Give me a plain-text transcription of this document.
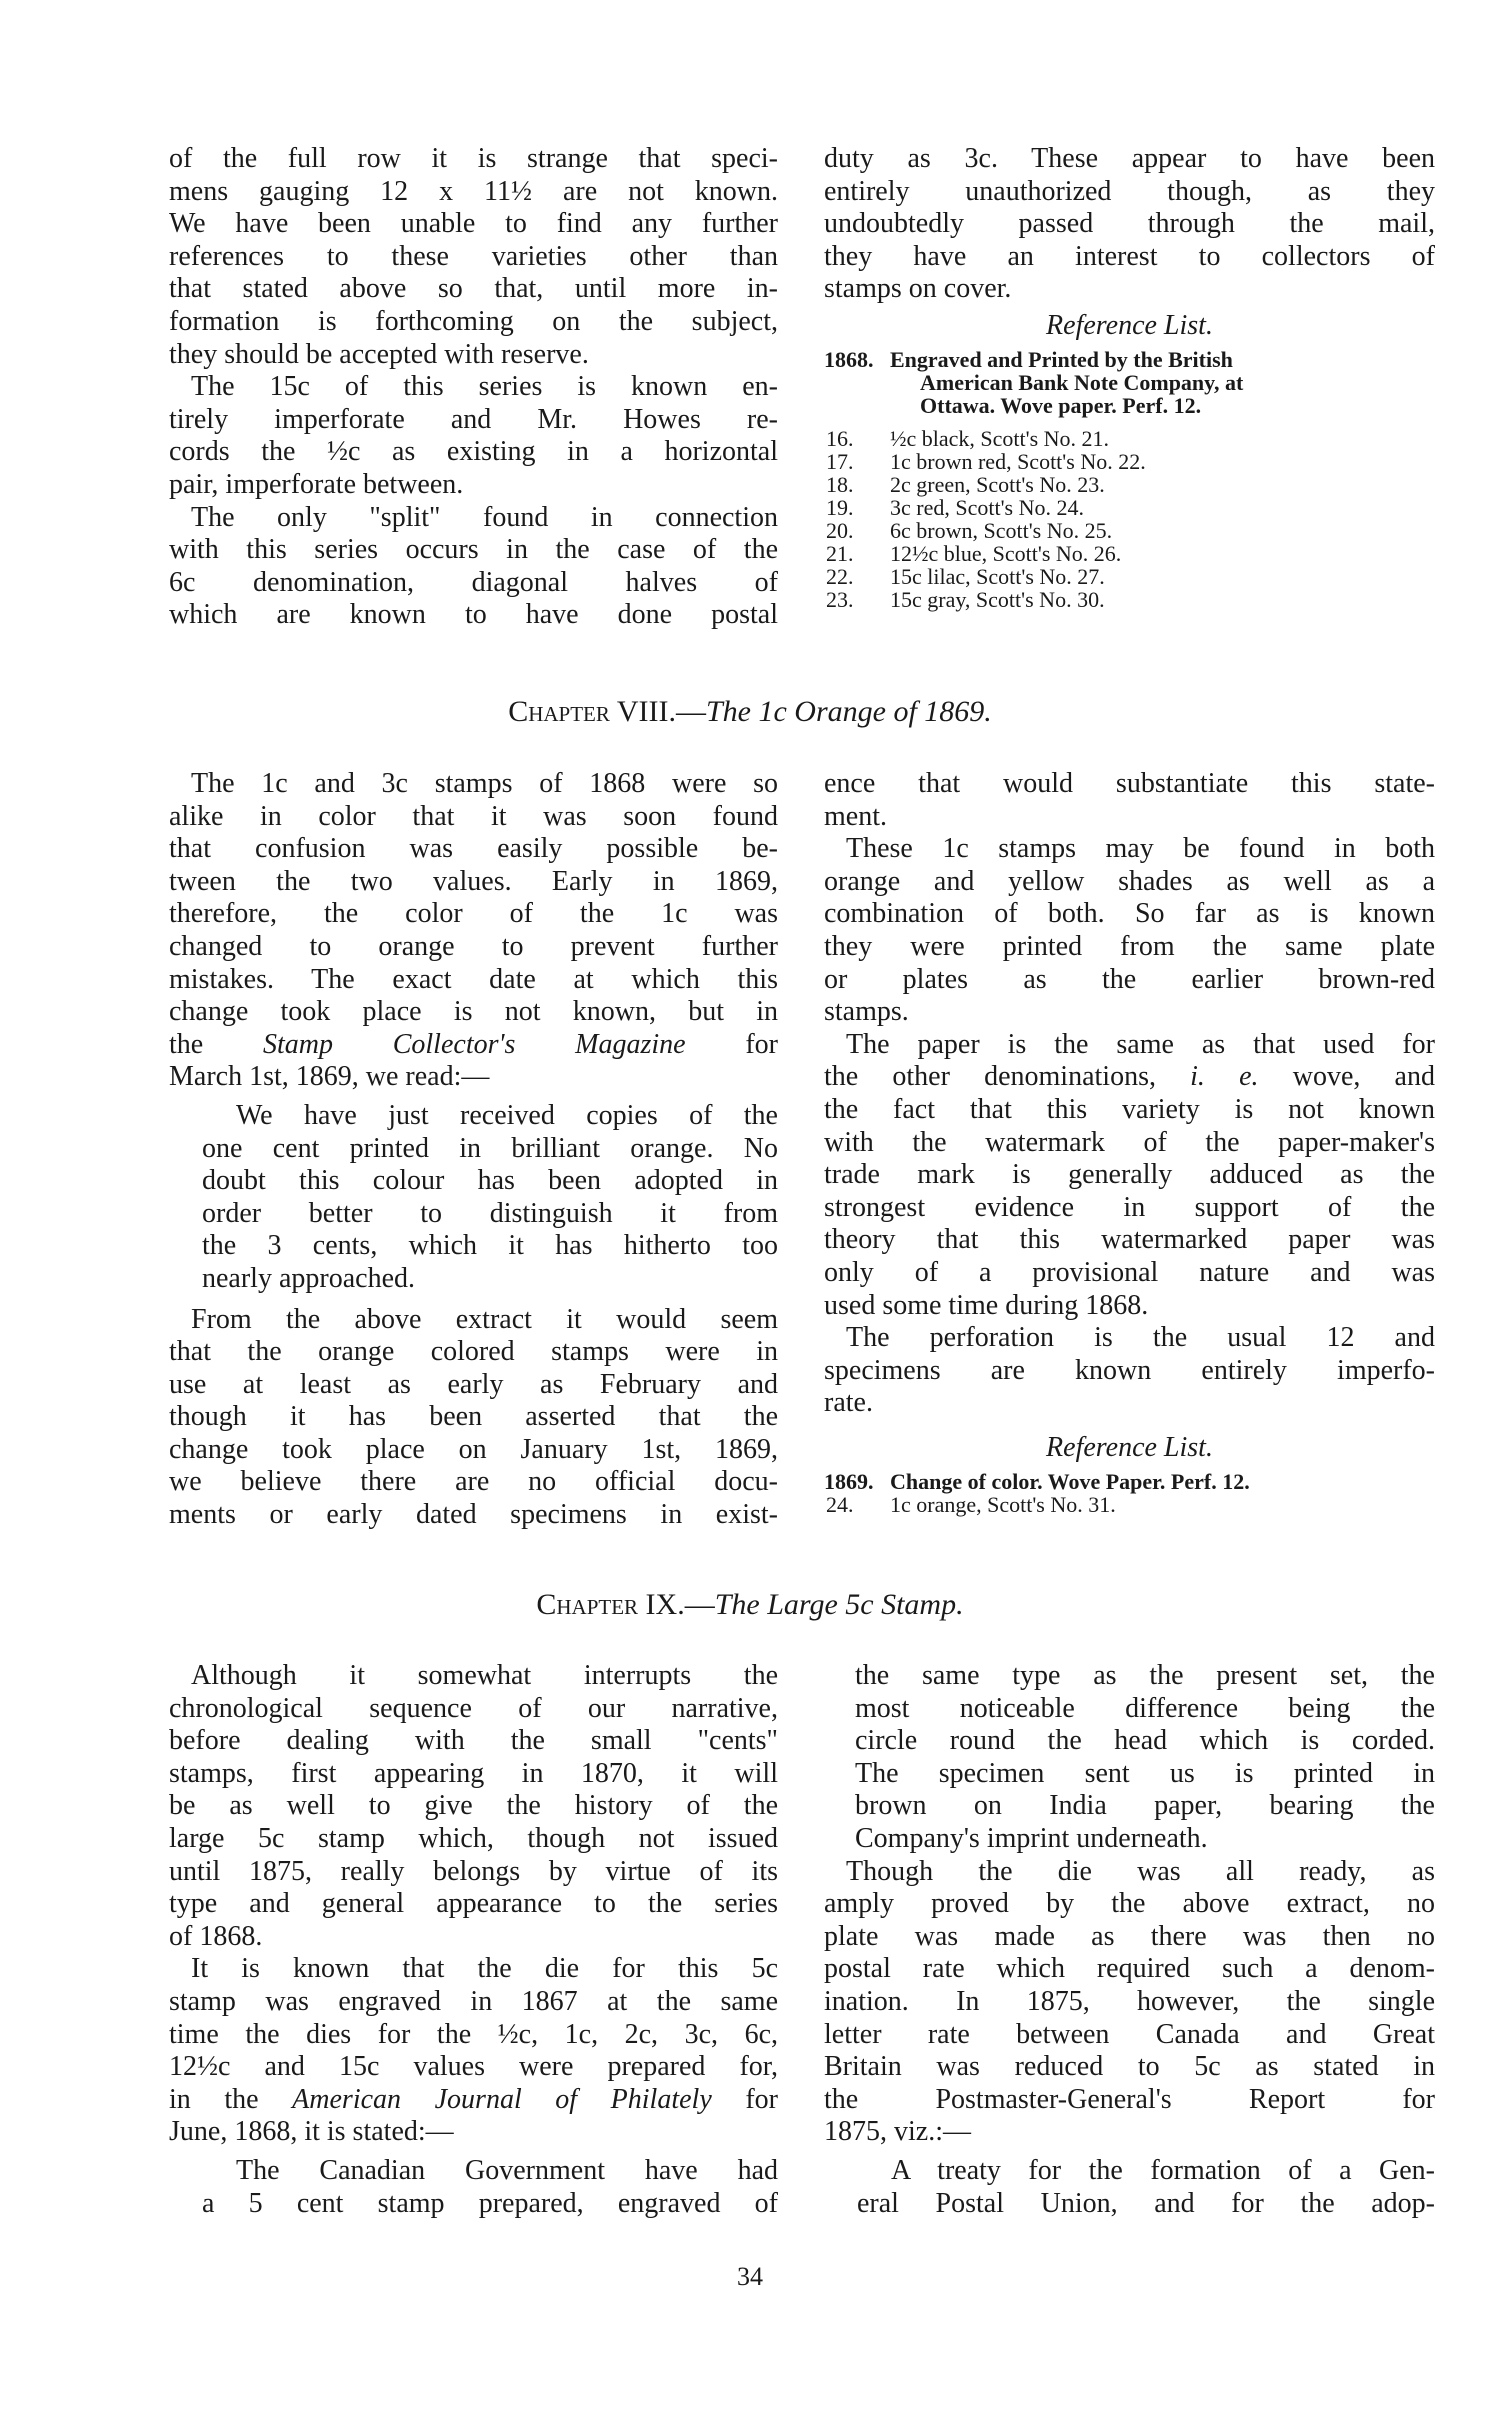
of the full row it is strange that speci-
mens gauging 12 x 11½ are not known.
We have been unable to find any further
references to these varieties other than
that stated above so that, until more in-
formation is forthcoming on the subject,
they should be accepted with reserve.
The 15c of this series is known en-
tirely imperforate and Mr. Howes re-
cords the ½c as existing in a horizontal
pair, imperforate between.
The only "split" found in connection
with this series occurs in the case of the
6c denomination, diagonal halves of
which are known to have done postal
duty as 3c. These appear to have been
entirely unauthorized though, as they
undoubtedly passed through the mail,
they have an interest to collectors of
stamps on cover.
Reference List.
1868. Engraved and Printed by the British
American Bank Note Company, at
Ottawa. Wove paper. Perf. 12.
16.	½c black, Scott's No. 21.
17.	1c brown red, Scott's No. 22.
18.	2c green, Scott's No. 23.
19.	3c red, Scott's No. 24.
20.	6c brown, Scott's No. 25.
21.	12½c blue, Scott's No. 26.
22.	15c lilac, Scott's No. 27.
23.	15c gray, Scott's No. 30.
Chapter VIII.—The 1c Orange of 1869.
The 1c and 3c stamps of 1868 were so
alike in color that it was soon found
that confusion was easily possible be-
tween the two values. Early in 1869,
therefore, the color of the 1c was
changed to orange to prevent further
mistakes. The exact date at which this
change took place is not known, but in
the Stamp Collector's Magazine for
March 1st, 1869, we read:—
We have just received copies of the
one cent printed in brilliant orange. No
doubt this colour has been adopted in
order better to distinguish it from
the 3 cents, which it has hitherto too
nearly approached.
From the above extract it would seem
that the orange colored stamps were in
use at least as early as February and
though it has been asserted that the
change took place on January 1st, 1869,
we believe there are no official docu-
ments or early dated specimens in exist-
ence that would substantiate this state-
ment.
These 1c stamps may be found in both
orange and yellow shades as well as a
combination of both. So far as is known
they were printed from the same plate
or plates as the earlier brown-red
stamps.
The paper is the same as that used for
the other denominations, i. e. wove, and
the fact that this variety is not known
with the watermark of the paper-maker's
trade mark is generally adduced as the
strongest evidence in support of the
theory that this watermarked paper was
only of a provisional nature and was
used some time during 1868.
The perforation is the usual 12 and
specimens are known entirely imperfo-
rate.
Reference List.
1869. Change of color. Wove Paper. Perf. 12.
24.	1c orange, Scott's No. 31.
Chapter IX.—The Large 5c Stamp.
Although it somewhat interrupts the
chronological sequence of our narrative,
before dealing with the small "cents"
stamps, first appearing in 1870, it will
be as well to give the history of the
large 5c stamp which, though not issued
until 1875, really belongs by virtue of its
type and general appearance to the series
of 1868.
It is known that the die for this 5c
stamp was engraved in 1867 at the same
time the dies for the ½c, 1c, 2c, 3c, 6c,
12½c and 15c values were prepared for,
in the American Journal of Philately for
June, 1868, it is stated:—
The Canadian Government have had
a 5 cent stamp prepared, engraved of
the same type as the present set, the
most noticeable difference being the
circle round the head which is corded.
The specimen sent us is printed in
brown on India paper, bearing the
Company's imprint underneath.
Though the die was all ready, as
amply proved by the above extract, no
plate was made as there was then no
postal rate which required such a denom-
ination. In 1875, however, the single
letter rate between Canada and Great
Britain was reduced to 5c as stated in
the Postmaster-General's Report for
1875, viz.:—
A treaty for the formation of a Gen-
eral Postal Union, and for the adop-
34
